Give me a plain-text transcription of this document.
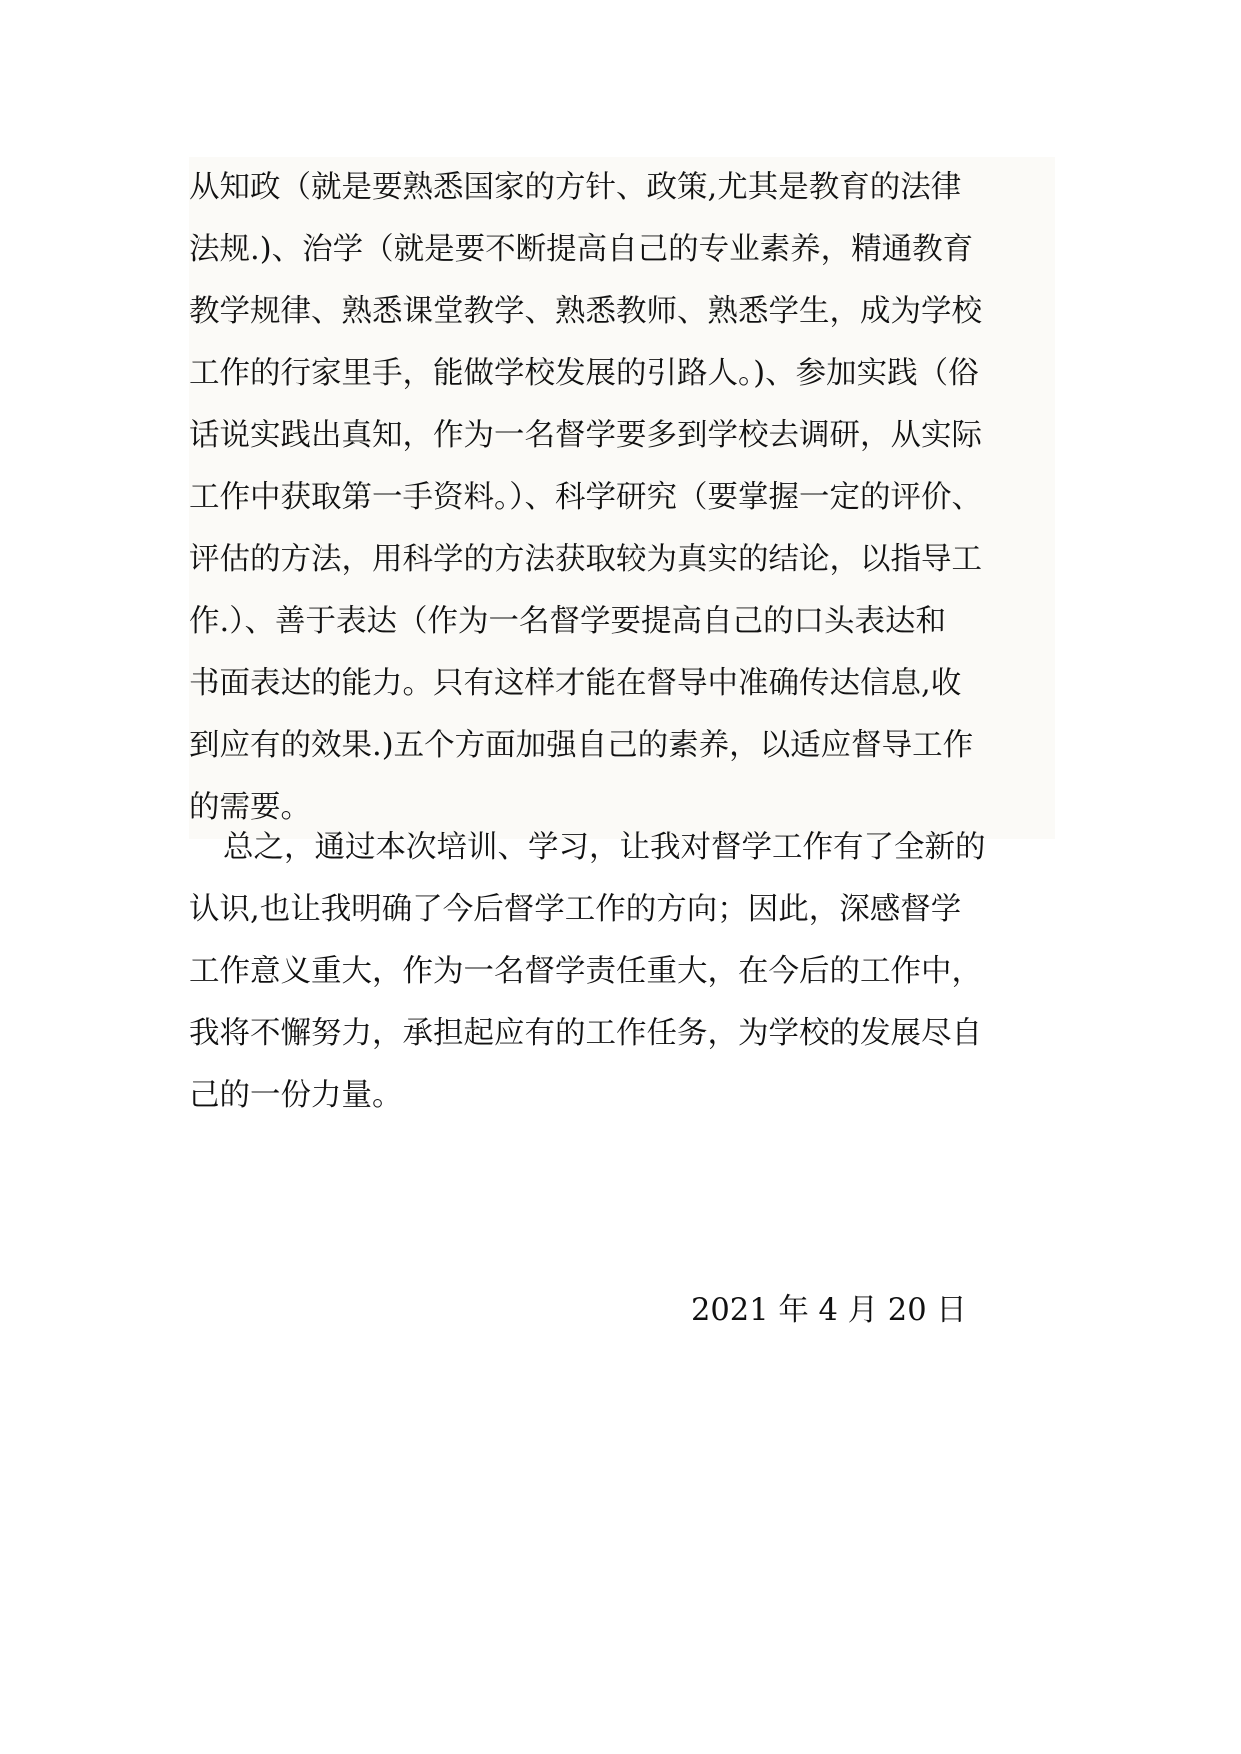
从知政（就是要熟悉国家的方针、政策,尤其是教育的法律
法规.)、治学（就是要不断提高自己的专业素养，精通教育
教学规律、熟悉课堂教学、熟悉教师、熟悉学生，成为学校
工作的行家里手，能做学校发展的引路人。)、参加实践（俗
话说实践出真知，作为一名督学要多到学校去调研，从实际
工作中获取第一手资料。）、科学研究（要掌握一定的评价、
评估的方法，用科学的方法获取较为真实的结论，以指导工
作.）、善于表达（作为一名督学要提高自己的口头表达和
书面表达的能力。只有这样才能在督导中准确传达信息,收
到应有的效果.)五个方面加强自己的素养，以适应督导工作
的需要。
总之，通过本次培训、学习，让我对督学工作有了全新的
认识,也让我明确了今后督学工作的方向；因此，深感督学
工作意义重大，作为一名督学责任重大，在今后的工作中，
我将不懈努力，承担起应有的工作任务，为学校的发展尽自
己的一份力量。
2021 年 4 月 20 日
